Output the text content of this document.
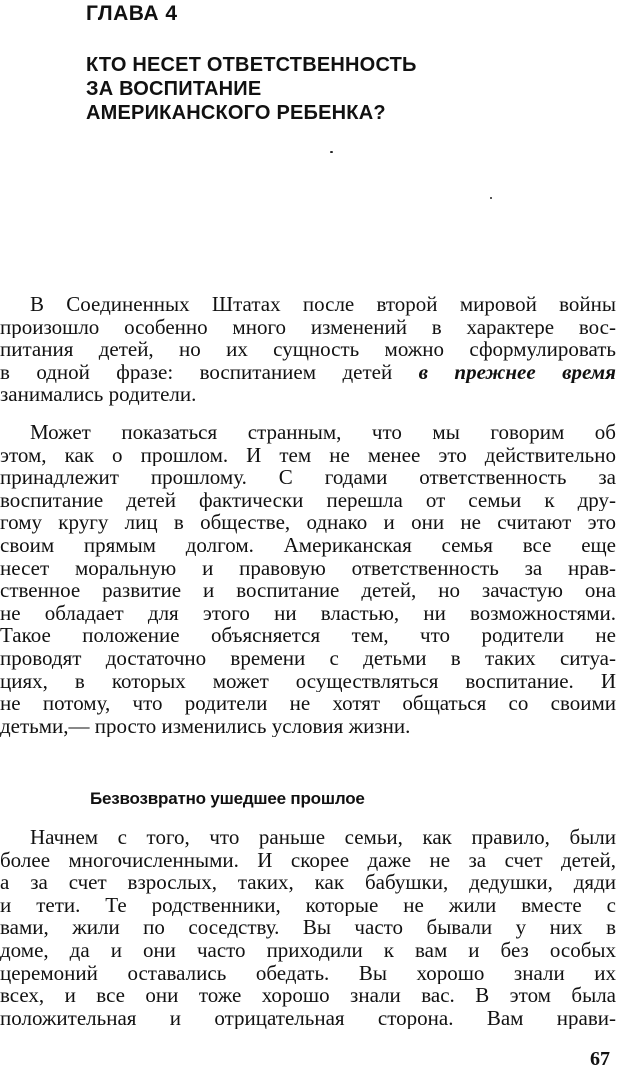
ГЛАВА 4
КТО НЕСЕТ ОТВЕТСТВЕННОСТЬ
ЗА ВОСПИТАНИЕ
АМЕРИКАНСКОГО РЕБЕНКА?
В Соединенных Штатах после второй мировой войны
произошло особенно много изменений в характере вос-
питания детей, но их сущность можно сформулировать
в одной фразе: воспитанием детей в прежнее время
занимались родители.
Может показаться странным, что мы говорим об
этом, как о прошлом. И тем не менее это действительно
принадлежит прошлому. С годами ответственность за
воспитание детей фактически перешла от семьи к дру-
гому кругу лиц в обществе, однако и они не считают это
своим прямым долгом. Американская семья все еще
несет моральную и правовую ответственность за нрав-
ственное развитие и воспитание детей, но зачастую она
не обладает для этого ни властью, ни возможностями.
Такое положение объясняется тем, что родители не
проводят достаточно времени с детьми в таких ситуа-
циях, в которых может осуществляться воспитание. И
не потому, что родители не хотят общаться со своими
детьми,— просто изменились условия жизни.
Безвозвратно ушедшее прошлое
Начнем с того, что раньше семьи, как правило, были
более многочисленными. И скорее даже не за счет детей,
а за счет взрослых, таких, как бабушки, дедушки, дяди
и тети. Те родственники, которые не жили вместе с
вами, жили по соседству. Вы часто бывали у них в
доме, да и они часто приходили к вам и без особых
церемоний оставались обедать. Вы хорошо знали их
всех, и все они тоже хорошо знали вас. В этом была
положительная и отрицательная сторона. Вам нрави-
67
